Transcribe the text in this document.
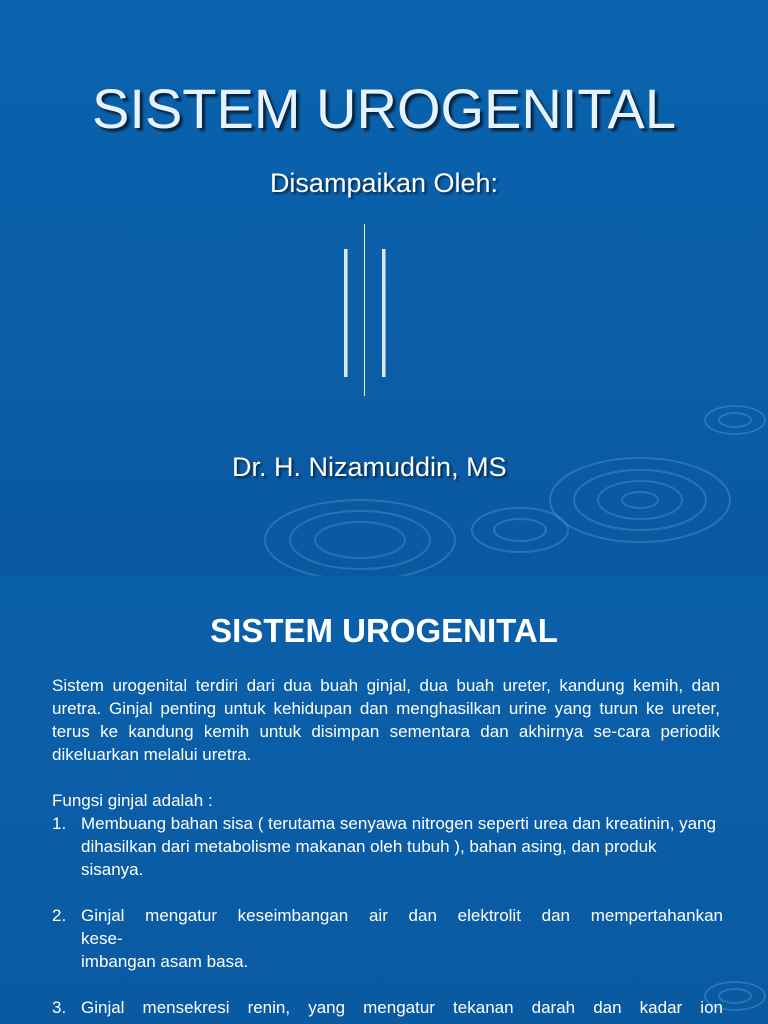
SISTEM UROGENITAL
Disampaikan Oleh:
Dr. H. Nizamuddin, MS
SISTEM UROGENITAL
Sistem urogenital terdiri dari dua buah ginjal, dua buah ureter, kandung kemih, dan uretra. Ginjal penting untuk kehidupan dan menghasilkan urine yang turun ke ureter, terus ke kandung kemih untuk disimpan sementara dan akhirnya se-cara periodik dikeluarkan melalui uretra.
Fungsi ginjal adalah :
1. Membuang bahan sisa ( terutama senyawa nitrogen seperti urea dan kreatinin, yang dihasilkan dari metabolisme makanan oleh tubuh ), bahan asing, dan produk sisanya.
2. Ginjal mengatur keseimbangan air dan elektrolit dan mempertahankan
kese-
imbangan asam basa.
3. Ginjal mensekresi renin, yang mengatur tekanan darah dan kadar ion
